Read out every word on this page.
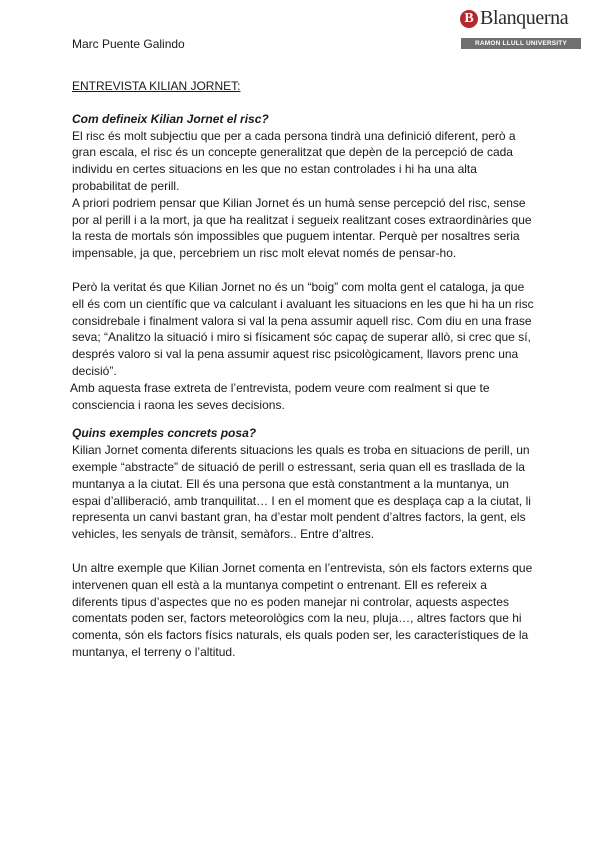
Marc Puente Galindo
B Blanquerna
RAMON LLULL UNIVERSITY
ENTREVISTA KILIAN JORNET:
Com defineix Kilian Jornet el risc?

El risc és molt subjectiu que per a cada persona tindrà una definició diferent, però a gran escala, el risc és un concepte generalitzat que depèn de la percepció de cada individu en certes situacions en les que no estan controlades i hi ha una alta probabilitat de perill.

A priori podriem pensar que Kilian Jornet és un humà sense percepció del risc, sense por al perill i a la mort, ja que ha realitzat i segueix realitzant coses extraordinàries que la resta de mortals són impossibles que puguem intentar. Perquè per nosaltres seria impensable, ja que, percebriem un risc molt elevat només de pensar-ho.

Però la veritat és que Kilian Jornet no és un “boig” com molta gent el cataloga, ja que ell és com un científic que va calculant i avaluant les situacions en les que hi ha un risc considrebale i finalment valora si val la pena assumir aquell risc. Com diu en una frase seva; “Analitzo la situació i miro si físicament sóc capaç de superar allò, si crec que sí, després valoro si val la pena assumir aquest risc psicològicament, llavors prenc una decisió”.

Amb aquesta frase extreta de l’entrevista, podem veure com realment si que te consciencia i raona les seves decisions.

Quins exemples concrets posa?

Kilian Jornet comenta diferents situacions les quals es troba en situacions de perill, un exemple “abstracte” de situació de perill o estressant, seria quan ell es trasllada de la muntanya a la ciutat. Ell és una persona que està constantment a la muntanya, un espai d’alliberació, amb tranquilitat… I en el moment que es desplaça cap a la ciutat, li representa un canvi bastant gran, ha d’estar molt pendent d’altres factors, la gent, els vehicles, les senyals de trànsit, semàfors.. Entre d’altres.

Un altre exemple que Kilian Jornet comenta en l’entrevista, són els factors externs que intervenen quan ell està a la muntanya competint o entrenant. Ell es refereix a diferents tipus d’aspectes que no es poden manejar ni controlar, aquests aspectes comentats poden ser, factors meteorològics com la neu, pluja…, altres factors que hi comenta, són els factors físics naturals, els quals poden ser, les característiques de la muntanya, el terreny o l’altitud.
